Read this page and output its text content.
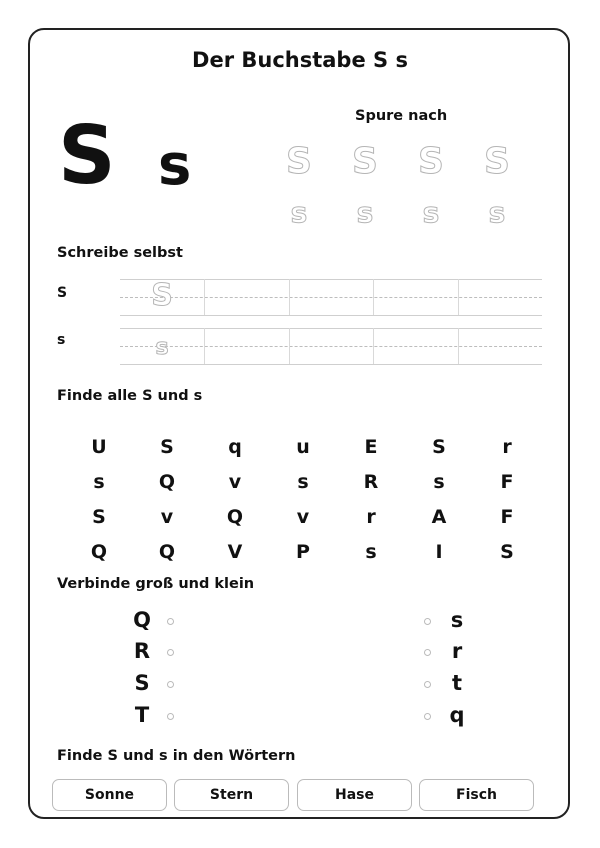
Der Buchstabe S s
S s
Spure nach
S S S S
s	s	s	s
Schreibe selbst
S	S
s	s
Finde alle S und s
U	S	q	u	E	S	r
s	Q	v	s	R	s	F
S	v	Q	v	r	A	F
Q	Q	V	P	s	I	S
Verbinde groß und klein
Q
R
S
T
s
r
t
q
Finde S und s in den Wörtern
Sonne	Stern	Hase	Fisch
